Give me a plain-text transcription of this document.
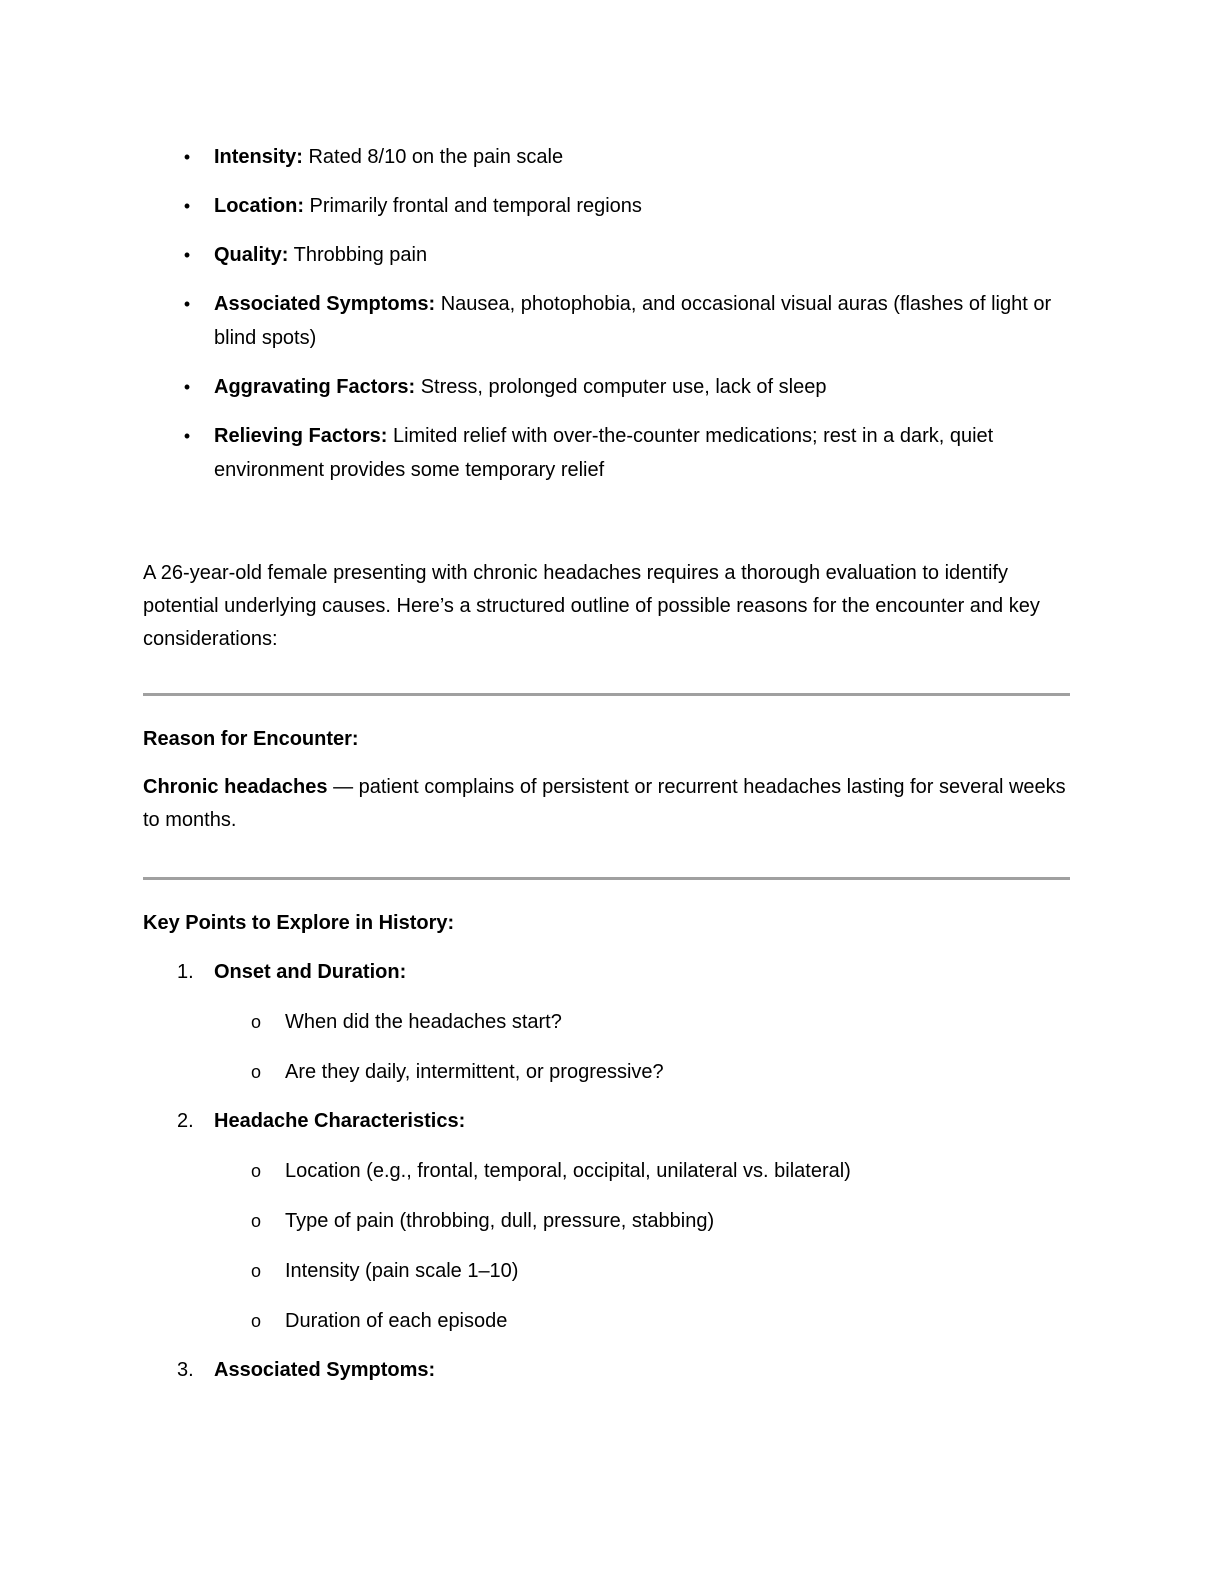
•	Intensity: Rated 8/10 on the pain scale
•	Location: Primarily frontal and temporal regions
•	Quality: Throbbing pain
•	Associated Symptoms: Nausea, photophobia, and occasional visual auras (flashes of light or blind spots)
•	Aggravating Factors: Stress, prolonged computer use, lack of sleep
•	Relieving Factors: Limited relief with over-the-counter medications; rest in a dark, quiet environment provides some temporary relief

A 26-year-old female presenting with chronic headaches requires a thorough evaluation to identify potential underlying causes. Here’s a structured outline of possible reasons for the encounter and key considerations:

Reason for Encounter:

Chronic headaches — patient complains of persistent or recurrent headaches lasting for several weeks to months.

Key Points to Explore in History:

1. Onset and Duration:
o When did the headaches start?
o Are they daily, intermittent, or progressive?
2. Headache Characteristics:
o Location (e.g., frontal, temporal, occipital, unilateral vs. bilateral)
o Type of pain (throbbing, dull, pressure, stabbing)
o Intensity (pain scale 1–10)
o Duration of each episode
3. Associated Symptoms:
